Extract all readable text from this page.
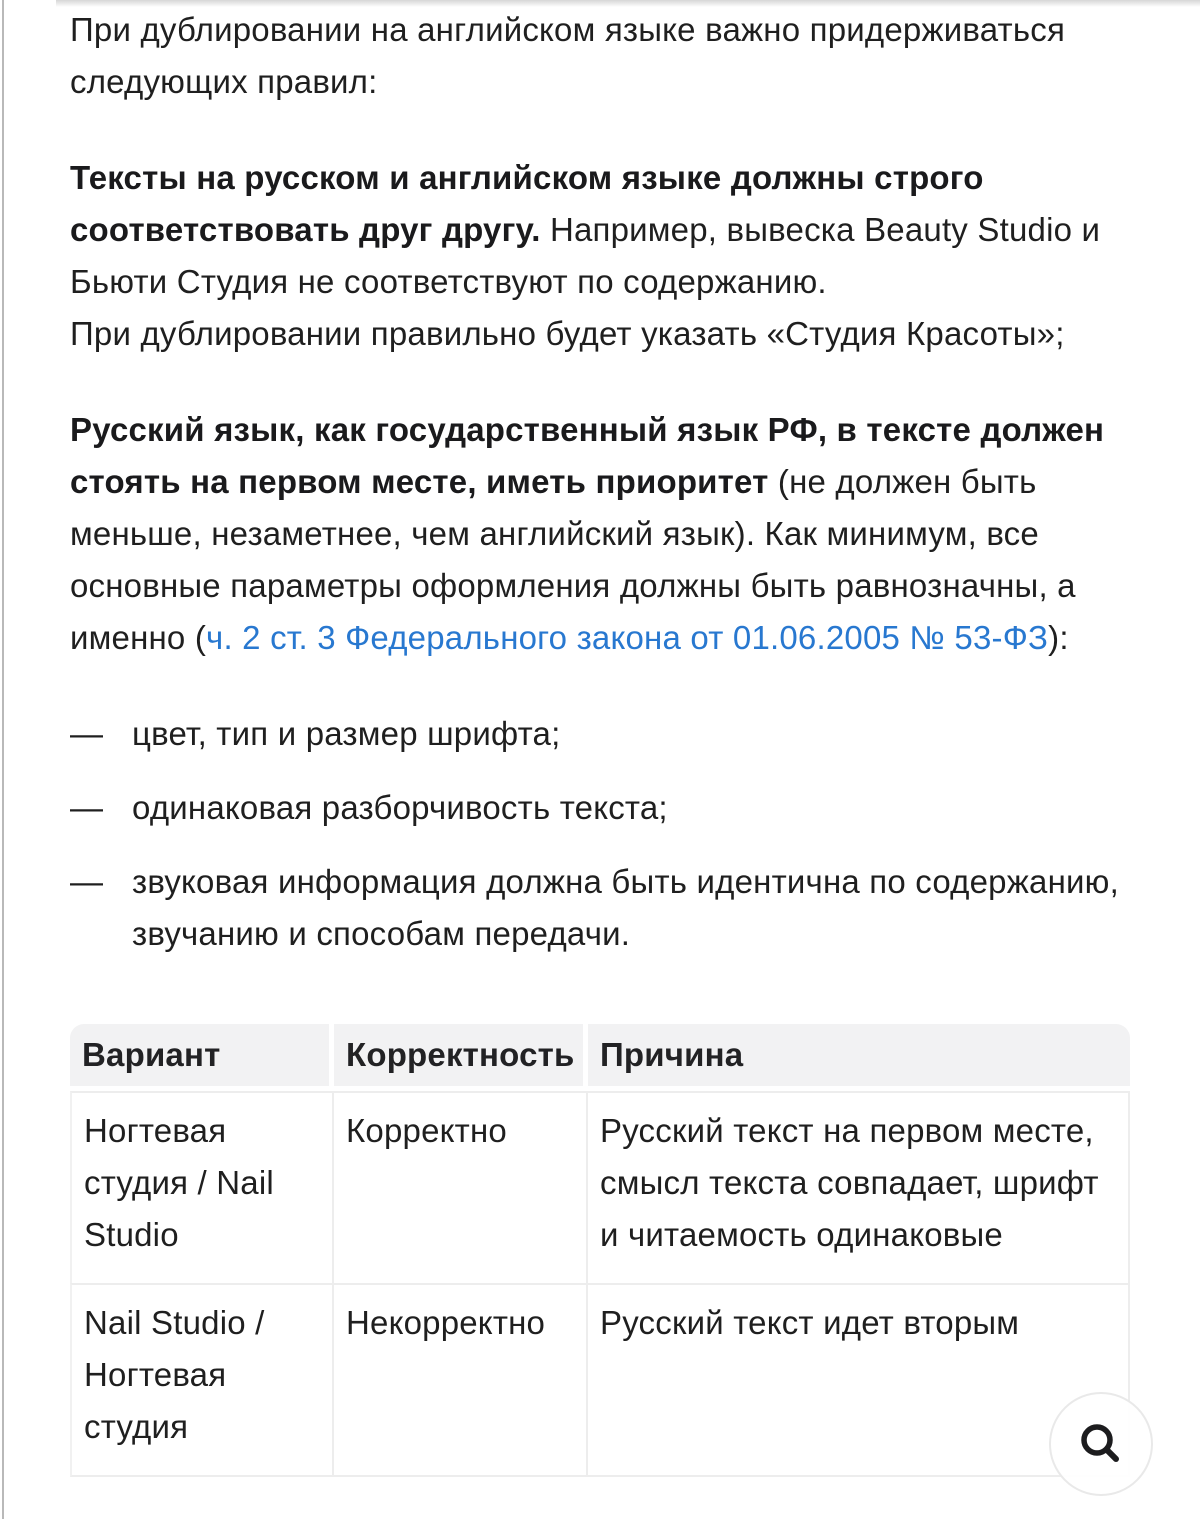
При дублировании на английском языке важно придерживаться следующих правил:

Тексты на русском и английском языке должны строго соответствовать друг другу. Например, вывеска Beauty Studio и Бьюти Студия не соответствуют по содержанию.
При дублировании правильно будет указать «Студия Красоты»;

Русский язык, как государственный язык РФ, в тексте должен стоять на первом месте, иметь приоритет (не должен быть меньше, незаметнее, чем английский язык). Как минимум, все основные параметры оформления должны быть равнозначны, а именно (ч. 2 ст. 3 Федерального закона от 01.06.2005 № 53-ФЗ):

— цвет, тип и размер шрифта;
— одинаковая разборчивость текста;
— звуковая информация должна быть идентична по содержанию, звучанию и способам передачи.
Вариант	Корректность	Причина
Ногтевая студия / Nail Studio	Корректно	Русский текст на первом месте, смысл текста совпадает, шрифт и читаемость одинаковые
Nail Studio / Ногтевая студия	Некорректно	Русский текст идет вторым
